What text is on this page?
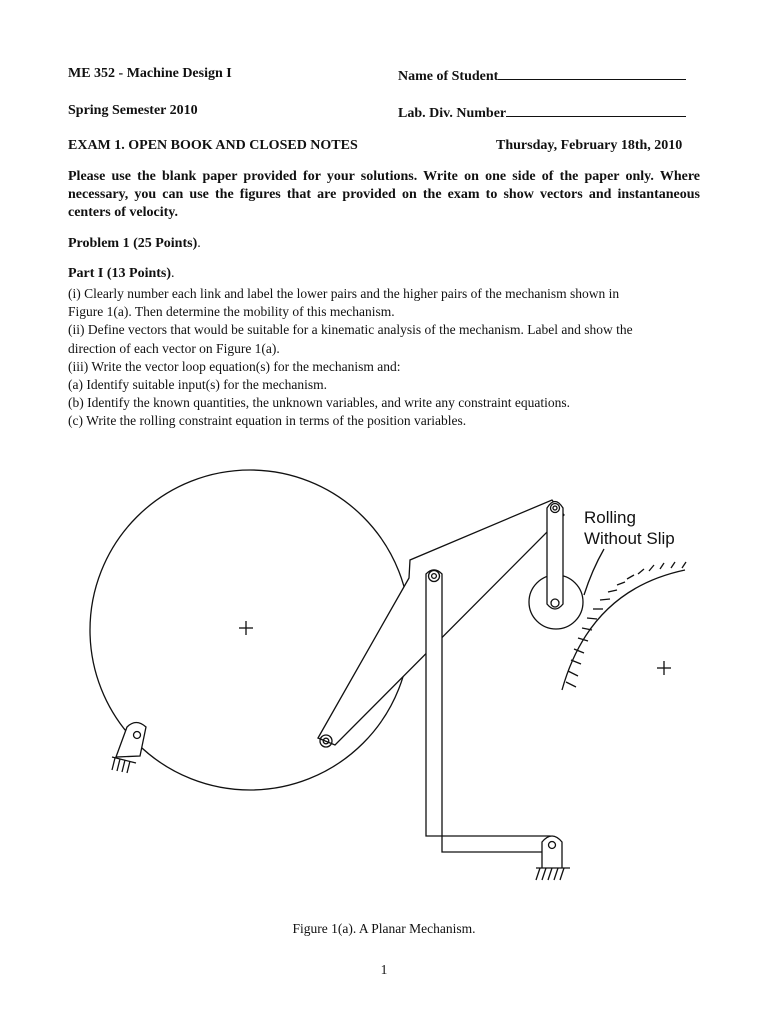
ME 352 - Machine Design I	Name of Student
Spring Semester 2010	Lab. Div. Number
EXAM 1. OPEN BOOK AND CLOSED NOTES	Thursday, February 18th, 2010
Please use the blank paper provided for your solutions. Write on one side of the paper only. Where necessary, you can use the figures that are provided on the exam to show vectors and instantaneous centers of velocity.
Problem 1 (25 Points).
Part I (13 Points).
(i) Clearly number each link and label the lower pairs and the higher pairs of the mechanism shown in
Figure 1(a). Then determine the mobility of this mechanism.
(ii) Define vectors that would be suitable for a kinematic analysis of the mechanism. Label and show the
direction of each vector on Figure 1(a).
(iii) Write the vector loop equation(s) for the mechanism and:
(a) Identify suitable input(s) for the mechanism.
(b) Identify the known quantities, the unknown variables, and write any constraint equations.
(c) Write the rolling constraint equation in terms of the position variables.
Rolling
Without Slip
Figure 1(a). A Planar Mechanism.
1
